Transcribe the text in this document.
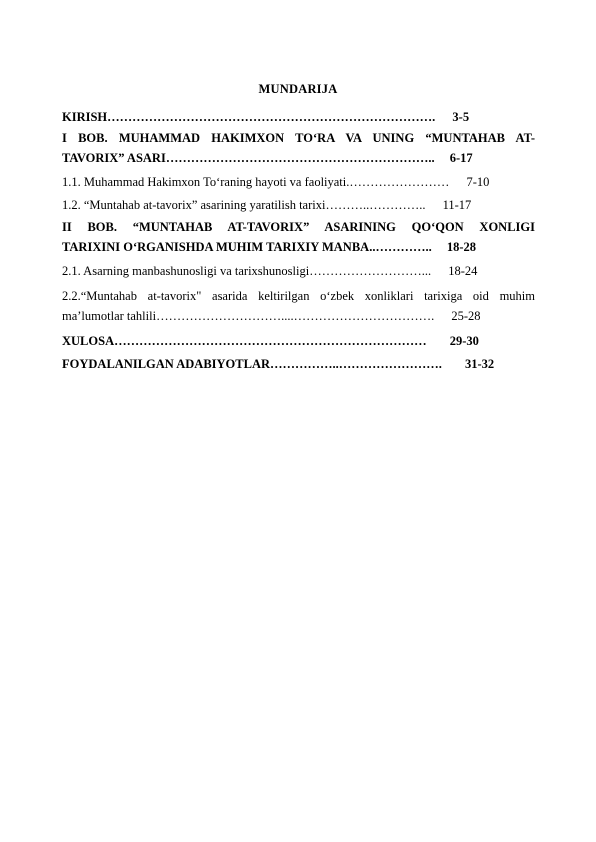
MUNDARIJA
KIRISH……………………………………………………………………. 3-5
I BOB. MUHAMMAD HAKIMXON TO‘RA VA UNING “MUNTAHAB AT-
TAVORIX” ASARI……………………………………………………….. 6-17
1.1. Muhammad Hakimxon To‘raning hayoti va faoliyati.…………………… 7-10
1.2. “Muntahab at-tavorix” asarining yaratilish tarixi………..………….. 11-17
II BOB. “MUNTAHAB AT-TAVORIX” ASARINING QO‘QON XONLIGI
TARIXINI O‘RGANISHDA MUHIM TARIXIY MANBA..………….. 18-28
2.1. Asarning manbashunosligi va tarixshunosligi………………………... 18-24
2.2.“Muntahab at-tavorix" asarida keltirilgan o‘zbek xonliklari tarixiga oid muhim
ma’lumotlar tahlili…………………………....……………………………. 25-28
XULOSA………………………………………………………………… 29-30
FOYDALANILGAN ADABIYOTLAR……………..……………………. 31-32
